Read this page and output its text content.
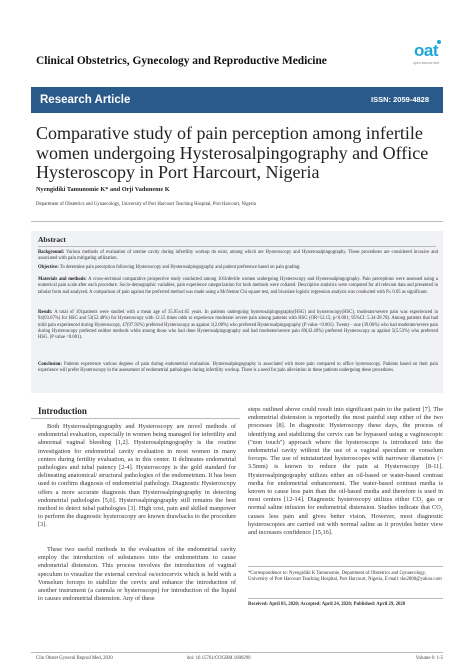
Clinical Obstetrics, Gynecology and Reproductive Medicine
oat
open access text
Research Article	ISSN: 2059-4828
Comparative study of pain perception among infertile women undergoing Hysterosalpingography and Office Hysteroscopy in Port Harcourt, Nigeria
Nyengidiki Tamunomie K* and Orji Vaduneme K
Department of Obstetrics and Gynaecology, University of Port Harcourt Teaching Hospital, Port Harcourt, Nigeria
Abstract

Background: Various methods of evaluation of uterine cavity during infertility workup do exist, among which are Hysteroscopy and Hysterosalpingography. These procedures are considered invasive and associated with pain mitigating utilization.

Objective: To determine pain perception following Hysteroscopy and Hysterosalpingography and patient preference based on pain grading.

Materials and methods: A cross-sectional comparative prospective study conducted among 101infertile women undergoing Hysteroscopy and Hysterosalpingography. Pain perceptions were assessed using a numerical pain scale after each procedure. Socio-demographic variables, pain experience categorization for both methods were collated. Descriptive statistics were computed for all relevant data and presented in tabular form and analyzed. A comparison of pain against the preferred method was made using a McNemar Chi square test, and bivariate logistic regression analysis was conducted with P≤ 0.05 as significant.

Result: A total of 101patients were studied with a mean age of 35.95±4.65 years. In patients undergoing hysterosalpingography(HSG) and hysteroscopy(HSC), moderate/severe pain was experienced in 94(93.07%) for HSG and 53(52.48%) for Hysteroscopy with 12.15 times odds to experience moderate/ severe pain among patients with HSG (OR=12.15; p<0.001; 95%CI: 5.34-28.78). Among patients that had mild pain experienced during Hysteroscopy, 47(97.92%) preferred Hysteroscopy as against 1(2.08%) who preferred Hysterosalpingography (P value <0.001). Twenty - one (39.06%) who had moderate/severe pain during Hysteroscopy preferred neither methods while among those who had done Hysterosalpingography and had moderate/severe pain 69(43.40%) preferred Hysteroscopy as against 5(5.53%) who preferred HSG. (P value <0.001).

Conclusion: Patients experience various degrees of pain during endometrial evaluation. Hysterosalpingography is associated with more pain compared to office hysteroscopy. Patients based on their pain experience will prefer Hysteroscopy in the assessment of endometrial pathologies during infertility workup. There is a need for pain alleviation in these patients undergoing these procedures.

Introduction

Both Hysterosalpingography and Hysteroscopy are novel methods of endometrial evaluation, especially in women being managed for infertility and abnormal vaginal bleeding [1,2]. Hysterosalpingography is the routine investigation for endometrial cavity evaluation in most women in many centers during fertility evaluation, as in this center. It delineates endometrial pathologies and tubal patency [2-4]. Hysteroscopy is the gold standard for delineating anatomical/ structural pathologies of the endometrium. It has been used to confirm diagnosis of endometrial pathology. Diagnostic Hysteroscopy offers a more accurate diagnosis than Hysterosalpingography in detecting endometrial pathologies [5,6]. Hysterosalpingography still remains the best method to detect tubal pathologies [3]. High cost, pain and skilled manpower to perform the diagnostic hysteroscopy are known drawbacks to the procedure [3].

These two useful methods in the evaluation of the endometrial cavity employ the introduction of substances into the endometrium to cause endometrial distension. This process involves the introduction of vaginal speculum to visualize the external cervical os/ectocervix which is held with a Vonselum forceps to stabilize the cervix and enhance the introduction of another instrument (a cannula or hysteroscope) for introduction of the liquid to causes endometrial distension. Any of these

steps outlined above could result into significant pain to the patient [7]. The endometrial distension is reportedly the most painful step either of the two processes [8]. In diagnostic Hysteroscopy these days, the process of identifying and stabilizing the cervix can be bypassed using a vaginoscopic ("non touch") approach where the hysteroscope is introduced into the endometrial cavity without the use of a vaginal speculum or vonselum forceps. The use of miniaturized hysteroscopes with narrower diameters (< 3.5mm) is known to reduce the pain at Hysteroscopy [8-11]. Hysterosalpingography utilizes either an oil-based or water-based contrast media for endometrial enhancement. The water-based contrast media is known to cause less pain than the oil-based media and therefore is used in most centers [12-14]. Diagnostic hysteroscopy utilizes either CO₂ gas or normal saline infusion for endometrial distension. Studies indicate that CO₂ causes less pain and gives better vision. However, most diagnostic hysteroscopies are carried out with normal saline as it provides better view and increases confidence [15,16].

*Correspondence to: Nyengidiki K Tamunomie, Department of Obstetrics and Gynaecology, University of Port Harcourt Teaching Hospital, Port Harcourt, Nigeria, E-mail: tkn2000@yahoo.com
Received: April 03, 2020; Accepted: April 24, 2020; Published: April 29, 2020
Clin Obstet Gynecol Reprod Med, 2020	doi: 10.15761/COGRM.1000290	Volume 6: 1-5
